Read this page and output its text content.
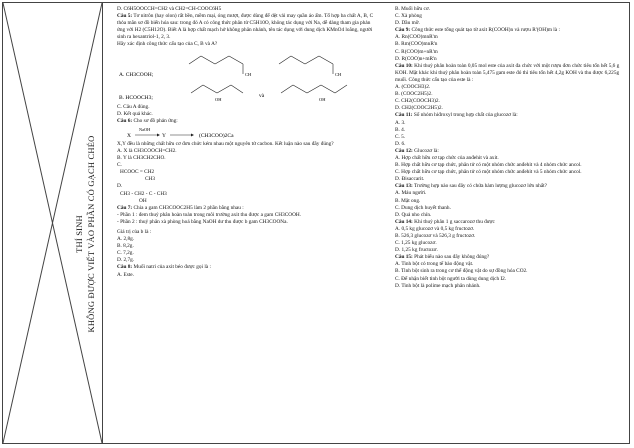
THÍ SINH KHÔNG ĐƯỢC VIẾT VÀO PHẦN CÓ GẠCH CHÉO

D. C6H5OOCCH=CH2 và CH2=CH-COOC6H5

Câu 5: Tơ nitrôn (hay olon) rất bền, mềm mại, óng mượt, được dùng để dệt vải may quần áo ấm. Tổ hợp ba chất A, B, C thỏa mãn sơ đồ biến hóa sau: trong đó A có công thức phân tử C5H10O, không tác dụng với Na, dễ dàng tham gia phản ứng với H2 (C5H12O). Biết A là hợp chất mạch hở không phân nhánh, tên tác dụng với dung dịch KMnO4 loãng, người sinh ra hexantriol-1, 2, 3.

Hãy xác định công thức cấu tạo của C, B và A?

A. CH3COOH;	CH	CH
B. HCOOCH3;	và
OH	OH

C. Câu A đúng.

D. Kết quả khác.

Câu 6: Cho sơ đồ phản ứng:

X
NaOH
Y	(CH3COO)2Ca

X,Y đều là những chất hữu cơ đơn chức kém nhau một nguyên tử cacbon. Kết luận nào sau đây đúng?

A. X là CH3COOCH=CH2.

B. Y là CH3CH2CHO.

C.

HCOOC = CH2

CH3

D.

CH3 - CH2 - C - CH3

OH

Câu 7: Chia a gam CH3COOC2H5 làm 2 phần bằng nhau :

- Phần 1 : đem thuỷ phân hoàn toàn trong môi trường axit thu được a gam CH3COOH.

- Phần 2 : thuỷ phân xà phòng hoá bằng NaOH dư thu được b gam CH3COONa.

Giá trị của b là :

A. 2,8g.

B. 8,2g.

C. 7,2g.

D. 2,7g.

Câu 8: Muối natri của axit béo được gọi là :

A. Este.

B. Muối hữu cơ.

C. Xà phòng

D. Dầu mỡ.

Câu 9: Công thức este tổng quát tạo từ axit R(COOH)n và rượu R'(OH)m là :

A. Rn(COO)mnR'm

B. Rm(COO)mnR'n

C. R(COO)m+nR'm

D. R(COO)n+mR'n

Câu 10: Khi thuỷ phân hoàn toàn 0,05 mol este của axit đa chức với một rượu đơn chức tiêu tốn hết 5,6 g KOH. Mặt khác khi thuỷ phân hoàn toàn 5,475 gam este đó thì tiêu tốn hết 4,2g KOH và thu được 6,225g muối. Công thức cấu tạo của este là :

A. (COOCH3)2.

B. (COOC2H5)2.

C. CH2(COOCH3)2.

D. CH2(COOC2H5)2.

Câu 11: Số nhóm hiđroxyl trong hợp chất của glucozơ là:

A. 3.

B. 4.

C. 5.

D. 6.

Câu 12: Glucozơ là:

A. Hợp chất hữu cơ tạp chức của anđehit và axit.

B. Hợp chất hữu cơ tạp chức, phân tử có một nhóm chức anđehit và 4 nhóm chức ancol.

C. Hợp chất hữu cơ tạp chức, phân tử có một nhóm chức anđehit và 5 nhóm chức ancol.

D. Đisaccarit.

Câu 13: Trường hợp nào sau đây có chứa hàm lượng glucozơ lớn nhất?

A. Máu người.

B. Mật ong.

C. Dung dịch huyết thanh.

D. Quả nho chín.

Câu 14: Khi thuỷ phân 1 g saccarozơ thu được

A. 0,5 kg glucozơ và 0,5 kg fructozơ.

B. 526,3 glucozơ và 526,3 g fructozơ.

C. 1,25 kg glucozơ.

D. 1,25 kg fructozơ.

Câu 15: Phát biểu nào sau đây không đúng?

A. Tinh bột có trong tế bào động vật.

B. Tinh bột sinh ra trong cơ thể động vật do sự đồng hóa CO2.

C. Để nhận biết tinh bột người ta dùng dung dịch I2.

D. Tinh bột là polime mạch phân nhánh.
